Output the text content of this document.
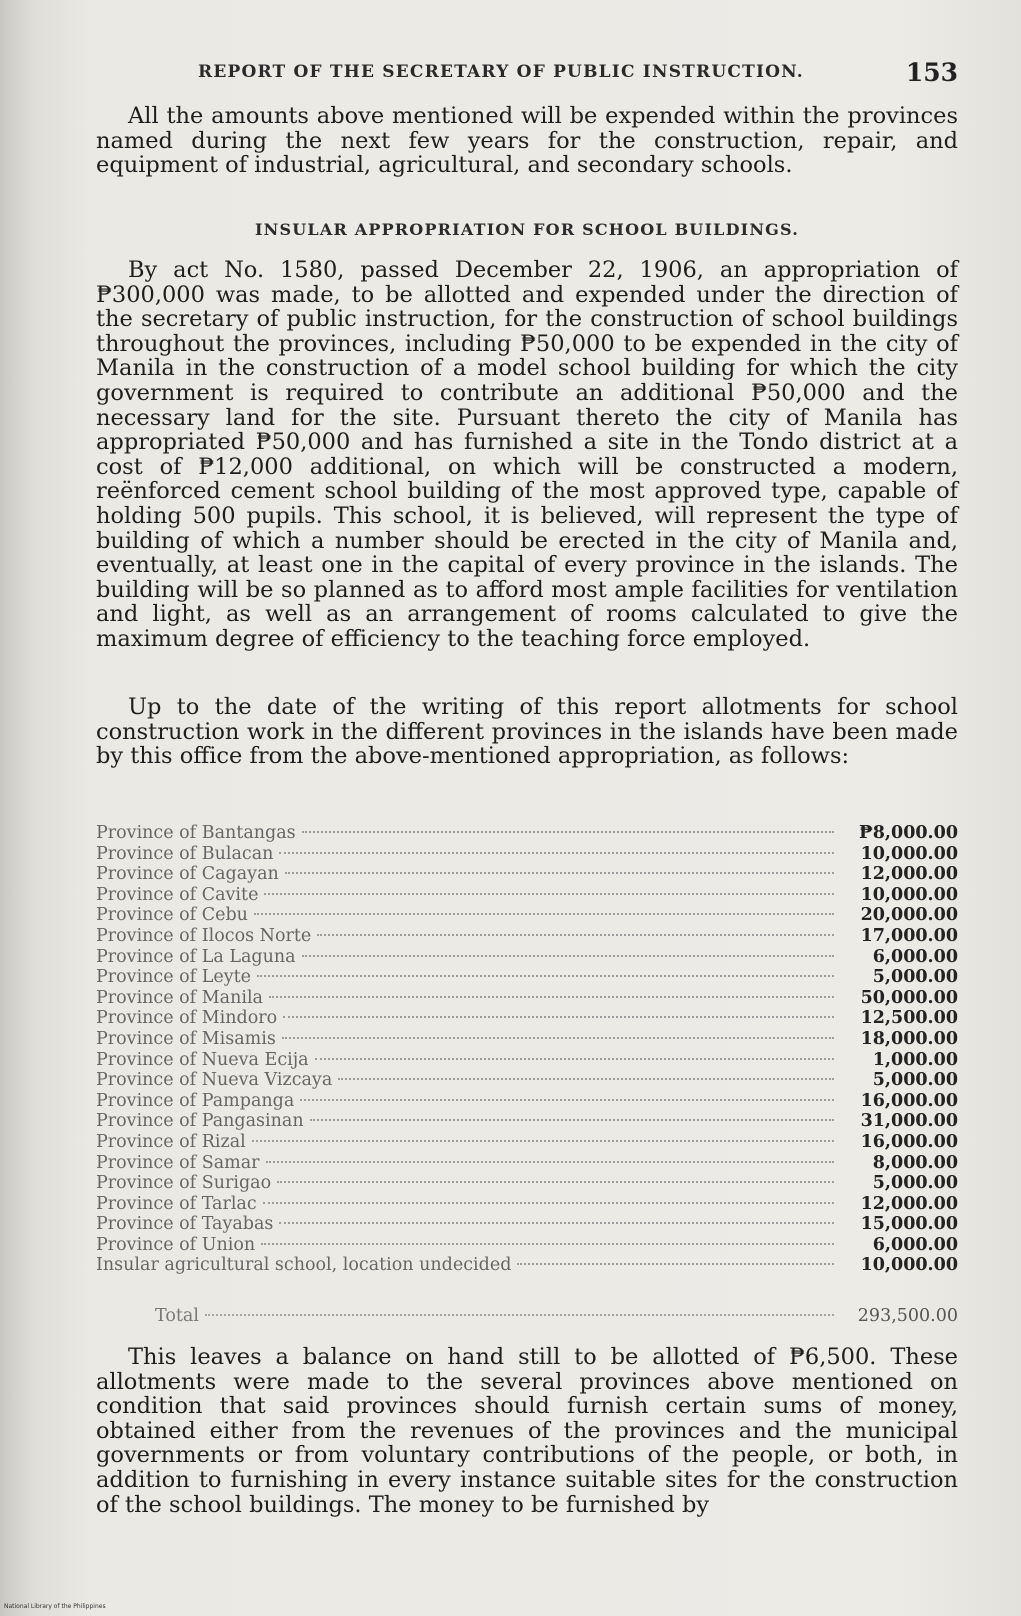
REPORT OF THE SECRETARY OF PUBLIC INSTRUCTION.	153
All the amounts above mentioned will be expended within the provinces named during the next few years for the construction, repair, and equipment of industrial, agricultural, and secondary schools.
INSULAR APPROPRIATION FOR SCHOOL BUILDINGS.
By act No. 1580, passed December 22, 1906, an appropriation of ₱300,000 was made, to be allotted and expended under the direction of the secretary of public instruction, for the construction of school buildings throughout the provinces, including ₱50,000 to be expended in the city of Manila in the construction of a model school building for which the city government is required to contribute an additional ₱50,000 and the necessary land for the site. Pursuant thereto the city of Manila has appropriated ₱50,000 and has furnished a site in the Tondo district at a cost of ₱12,000 additional, on which will be constructed a modern, reënforced cement school building of the most approved type, capable of holding 500 pupils. This school, it is believed, will represent the type of building of which a number should be erected in the city of Manila and, eventually, at least one in the capital of every province in the islands. The building will be so planned as to afford most ample facilities for ventilation and light, as well as an arrangement of rooms calculated to give the maximum degree of efficiency to the teaching force employed.
Up to the date of the writing of this report allotments for school construction work in the different provinces in the islands have been made by this office from the above-mentioned appropriation, as follows:
Province of Bantangas	₱8,000.00
Province of Bulacan	10,000.00
Province of Cagayan	12,000.00
Province of Cavite	10,000.00
Province of Cebu	20,000.00
Province of Ilocos Norte	17,000.00
Province of La Laguna	6,000.00
Province of Leyte	5,000.00
Province of Manila	50,000.00
Province of Mindoro	12,500.00
Province of Misamis	18,000.00
Province of Nueva Ecija	1,000.00
Province of Nueva Vizcaya	5,000.00
Province of Pampanga	16,000.00
Province of Pangasinan	31,000.00
Province of Rizal	16,000.00
Province of Samar	8,000.00
Province of Surigao	5,000.00
Province of Tarlac	12,000.00
Province of Tayabas	15,000.00
Province of Union	6,000.00
Insular agricultural school, location undecided	10,000.00
Total	293,500.00
This leaves a balance on hand still to be allotted of ₱6,500. These allotments were made to the several provinces above mentioned on condition that said provinces should furnish certain sums of money, obtained either from the revenues of the provinces and the municipal governments or from voluntary contributions of the people, or both, in addition to furnishing in every instance suitable sites for the construction of the school buildings. The money to be furnished by
National Library of the Philippines
